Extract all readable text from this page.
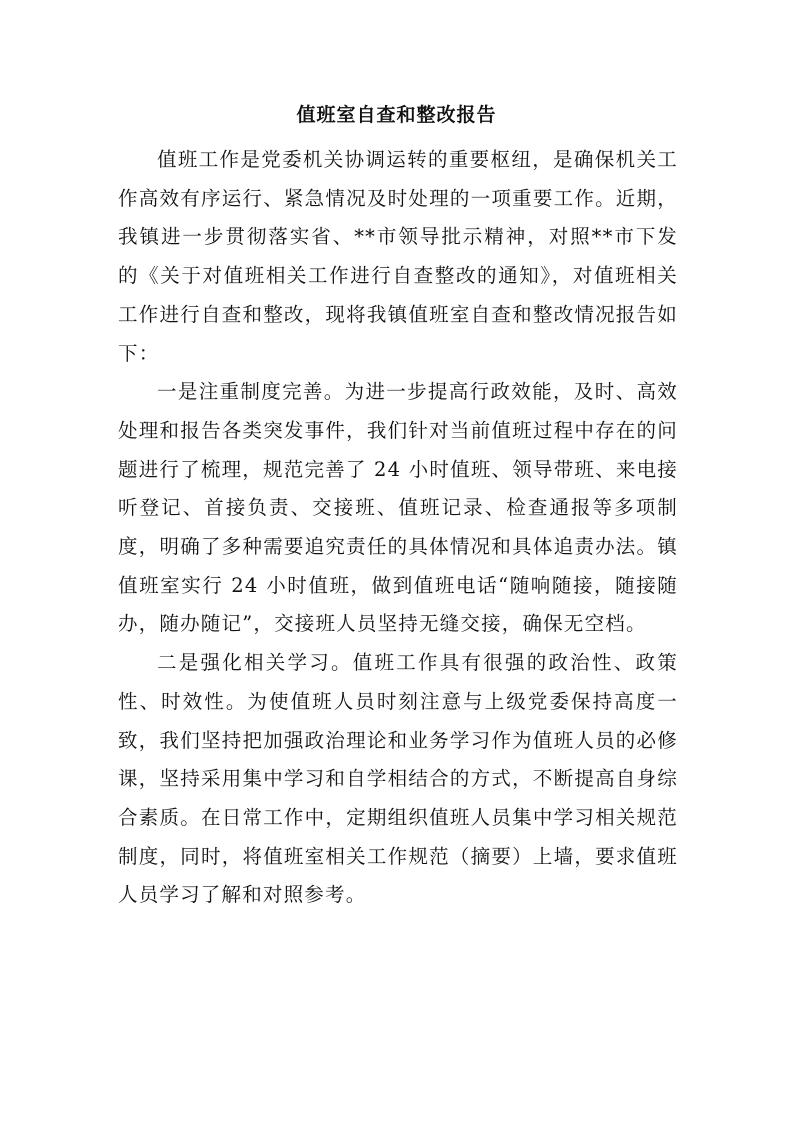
值班室自查和整改报告

值班工作是党委机关协调运转的重要枢纽，是确保机关工作高效有序运行、紧急情况及时处理的一项重要工作。近期，我镇进一步贯彻落实省、**市领导批示精神，对照**市下发的《关于对值班相关工作进行自查整改的通知》，对值班相关工作进行自查和整改，现将我镇值班室自查和整改情况报告如下：

一是注重制度完善。为进一步提高行政效能，及时、高效处理和报告各类突发事件，我们针对当前值班过程中存在的问题进行了梳理，规范完善了 24 小时值班、领导带班、来电接听登记、首接负责、交接班、值班记录、检查通报等多项制度，明确了多种需要追究责任的具体情况和具体追责办法。镇值班室实行 24 小时值班，做到值班电话“随响随接，随接随办，随办随记”，交接班人员坚持无缝交接，确保无空档。

二是强化相关学习。值班工作具有很强的政治性、政策性、时效性。为使值班人员时刻注意与上级党委保持高度一致，我们坚持把加强政治理论和业务学习作为值班人员的必修课，坚持采用集中学习和自学相结合的方式，不断提高自身综合素质。在日常工作中，定期组织值班人员集中学习相关规范制度，同时，将值班室相关工作规范（摘要）上墙，要求值班人员学习了解和对照参考。
